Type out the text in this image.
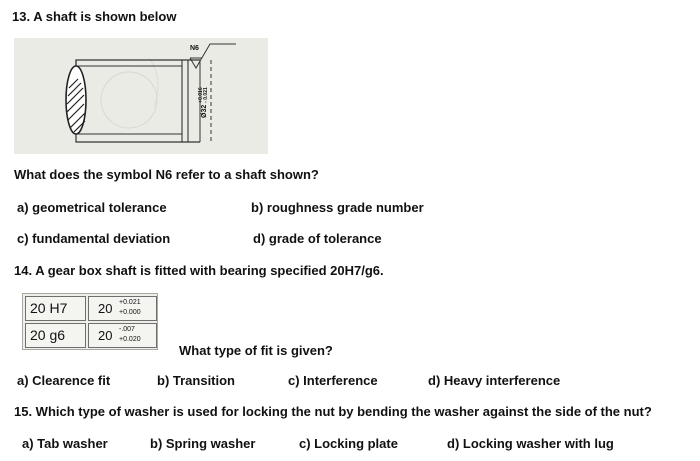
13. A shaft is shown below
N6
Ø32
+0.016 - 0.021
What does the symbol N6 refer to a shaft shown?
a) geometrical tolerance	b) roughness grade number
c) fundamental deviation	d) grade of tolerance
14. A gear box shaft is fitted with bearing specified 20H7/g6.
20 H7	20 +0.021
+0.000
20 g6	20 -.007
+0.020
What type of fit is given?
a) Clearence fit	b) Transition	c) Interference	d) Heavy interference
15. Which type of washer is used for locking the nut by bending the washer against the side of the nut?
a) Tab washer	b) Spring washer	c) Locking plate	d) Locking washer with lug
